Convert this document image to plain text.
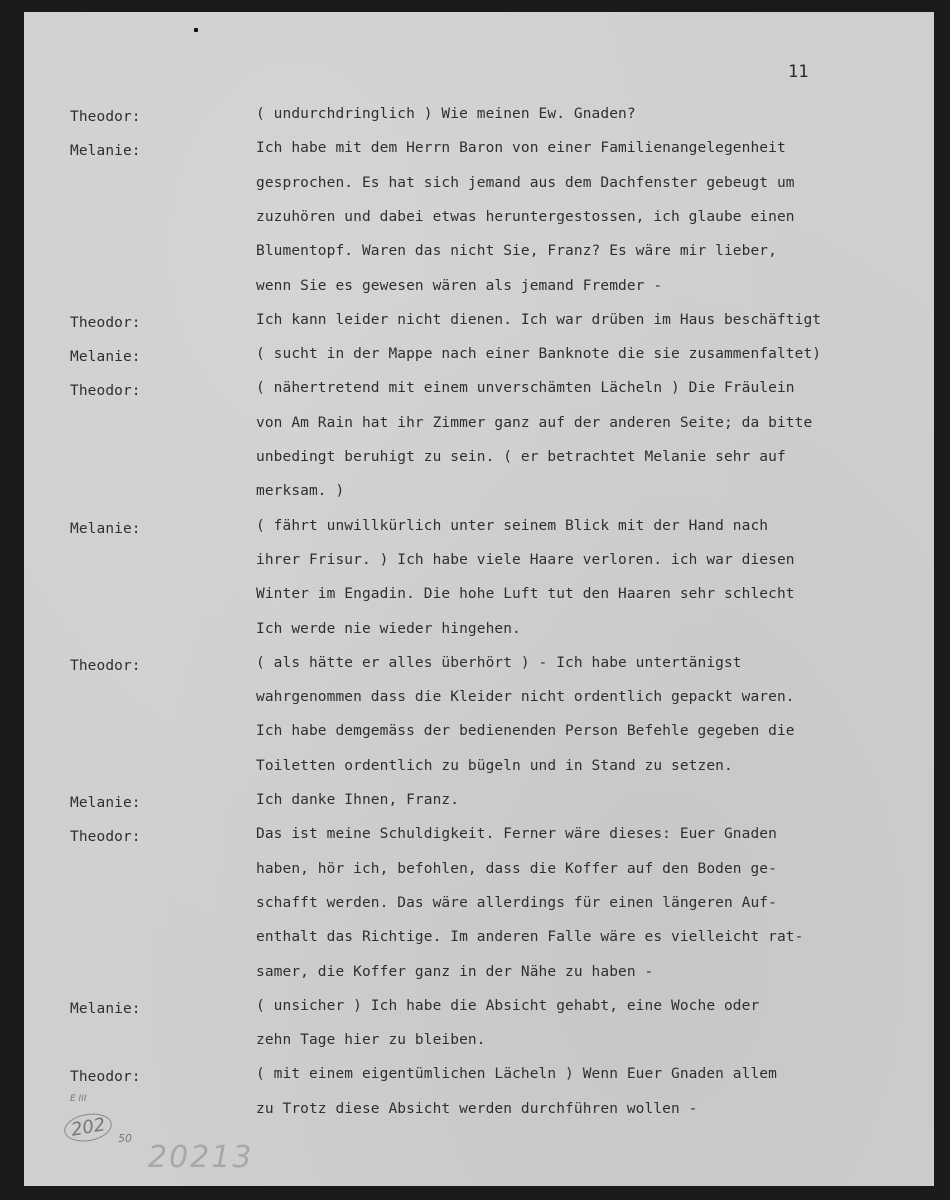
11
Theodor:	( undurchdringlich ) Wie meinen Ew. Gnaden?
Melanie:	Ich habe mit dem Herrn Baron von einer Familienangelegenheit
gesprochen. Es hat sich jemand aus dem Dachfenster gebeugt um
zuzuhören und dabei etwas heruntergestossen, ich glaube einen
Blumentopf. Waren das nicht Sie, Franz? Es wäre mir lieber,
wenn Sie es gewesen wären als jemand Fremder -
Theodor:	Ich kann leider nicht dienen. Ich war drüben im Haus beschäftigt
Melanie:	( sucht in der Mappe nach einer Banknote die sie zusammenfaltet)
Theodor:	( nähertretend mit einem unverschämten Lächeln ) Die Fräulein
von Am Rain hat ihr Zimmer ganz auf der anderen Seite; da bitte
unbedingt beruhigt zu sein. ( er betrachtet Melanie sehr auf
merksam. )
Melanie:	( fährt unwillkürlich unter seinem Blick mit der Hand nach
ihrer Frisur. ) Ich habe viele Haare verloren. ich war diesen
Winter im Engadin. Die hohe Luft tut den Haaren sehr schlecht
Ich werde nie wieder hingehen.
Theodor:	( als hätte er alles überhört ) - Ich habe untertänigst
wahrgenommen dass die Kleider nicht ordentlich gepackt waren.
Ich habe demgemäss der bedienenden Person Befehle gegeben die
Toiletten ordentlich zu bügeln und in Stand zu setzen.
Melanie:	Ich danke Ihnen, Franz.
Theodor:	Das ist meine Schuldigkeit. Ferner wäre dieses: Euer Gnaden
haben, hör ich, befohlen, dass die Koffer auf den Boden ge-
schafft werden. Das wäre allerdings für einen längeren Auf-
enthalt das Richtige. Im anderen Falle wäre es vielleicht rat-
samer, die Koffer ganz in der Nähe zu haben -
Melanie:	( unsicher ) Ich habe die Absicht gehabt, eine Woche oder
zehn Tage hier zu bleiben.
Theodor:	( mit einem eigentümlichen Lächeln ) Wenn Euer Gnaden allem
zu Trotz diese Absicht werden durchführen wollen -
E III
202	50
20213
